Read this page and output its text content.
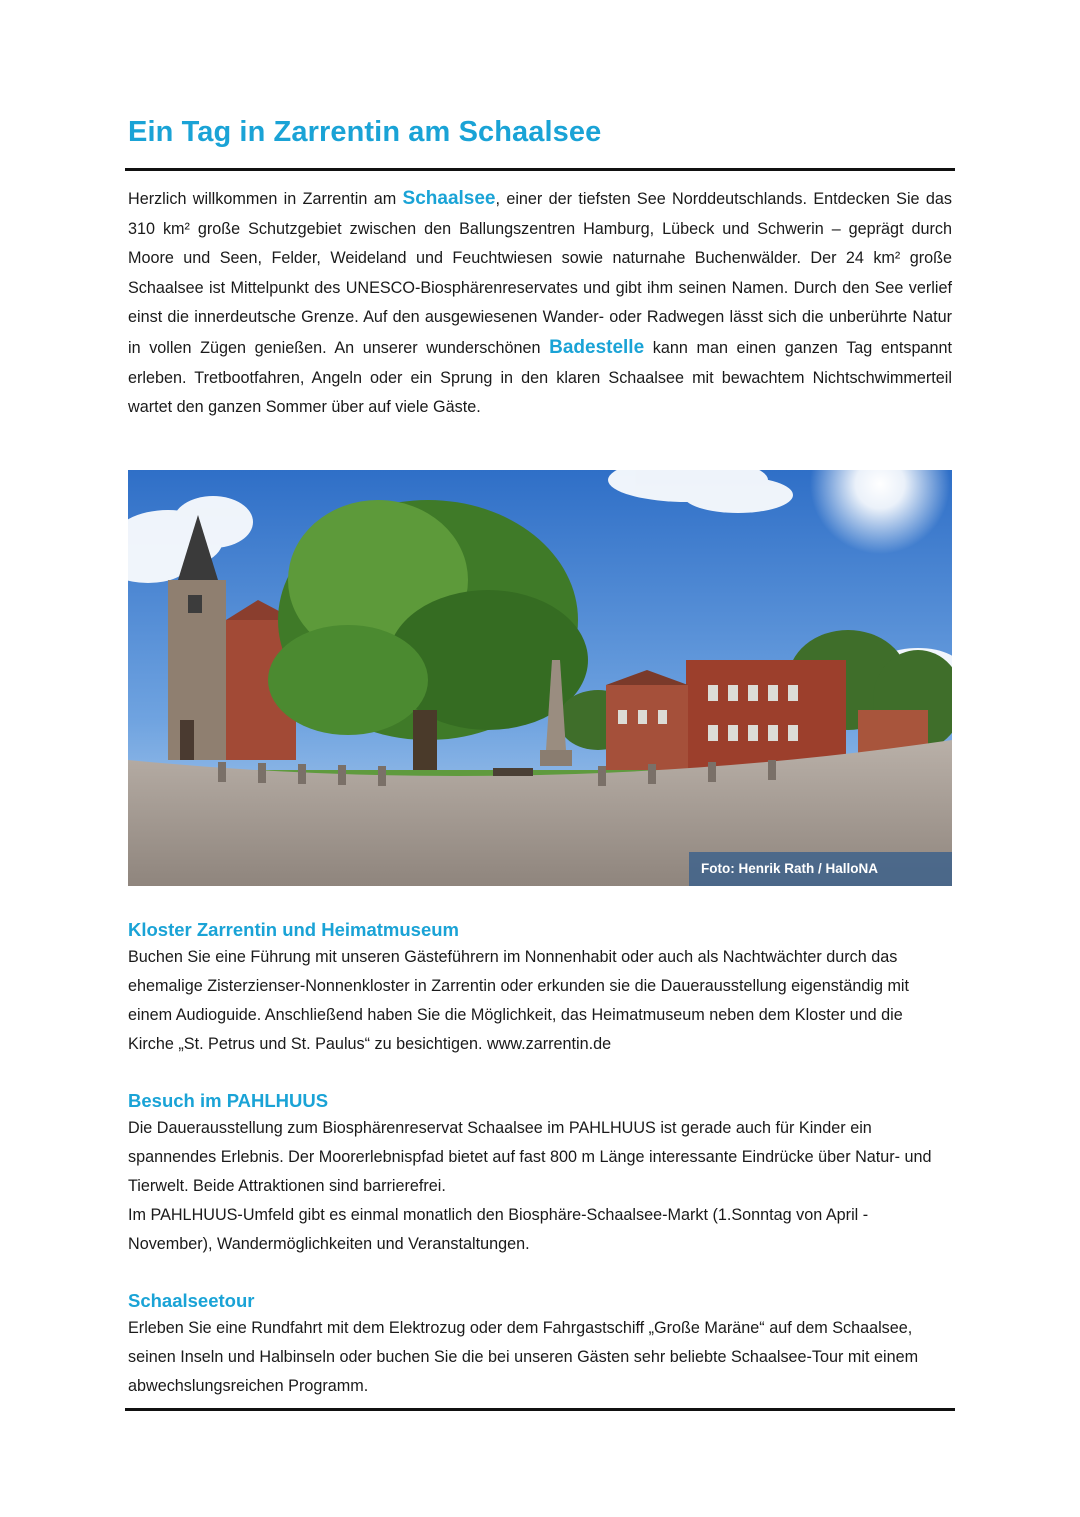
Ein Tag in Zarrentin am Schaalsee

Herzlich willkommen in Zarrentin am Schaalsee, einer der tiefsten See Norddeutschlands. Entdecken Sie das 310 km² große Schutzgebiet zwischen den Ballungszentren Hamburg, Lübeck und Schwerin – geprägt durch Moore und Seen, Felder, Weideland und Feuchtwiesen sowie naturnahe Buchenwälder. Der 24 km² große Schaalsee ist Mittelpunkt des UNESCO-Biosphärenreservates und gibt ihm seinen Namen. Durch den See verlief einst die innerdeutsche Grenze. Auf den ausgewiesenen Wander- oder Radwegen lässt sich die unberührte Natur in vollen Zügen genießen. An unserer wunderschönen Badestelle kann man einen ganzen Tag entspannt erleben. Tretbootfahren, Angeln oder ein Sprung in den klaren Schaalsee mit bewachtem Nichtschwimmerteil wartet den ganzen Sommer über auf viele Gäste.

Foto: Henrik Rath / HalloNA
Kloster Zarrentin und Heimatmuseum

Buchen Sie eine Führung mit unseren Gästeführern im Nonnenhabit oder auch als Nachtwächter durch das ehemalige Zisterzienser-Nonnenkloster in Zarrentin oder erkunden sie die Dauerausstellung eigenständig mit einem Audioguide. Anschließend haben Sie die Möglichkeit, das Heimatmuseum neben dem Kloster und die Kirche „St. Petrus und St. Paulus“ zu besichtigen. www.zarrentin.de

Besuch im PAHLHUUS

Die Dauerausstellung zum Biosphärenreservat Schaalsee im PAHLHUUS ist gerade auch für Kinder ein spannendes Erlebnis. Der Moorerlebnispfad bietet auf fast 800 m Länge interessante Eindrücke über Natur- und Tierwelt. Beide Attraktionen sind barrierefrei.

Im PAHLHUUS-Umfeld gibt es einmal monatlich den Biosphäre-Schaalsee-Markt (1.Sonntag von April - November), Wandermöglichkeiten und Veranstaltungen.

Schaalseetour

Erleben Sie eine Rundfahrt mit dem Elektrozug oder dem Fahrgastschiff „Große Maräne“ auf dem Schaalsee, seinen Inseln und Halbinseln oder buchen Sie die bei unseren Gästen sehr beliebte Schaalsee-Tour mit einem abwechslungsreichen Programm.
